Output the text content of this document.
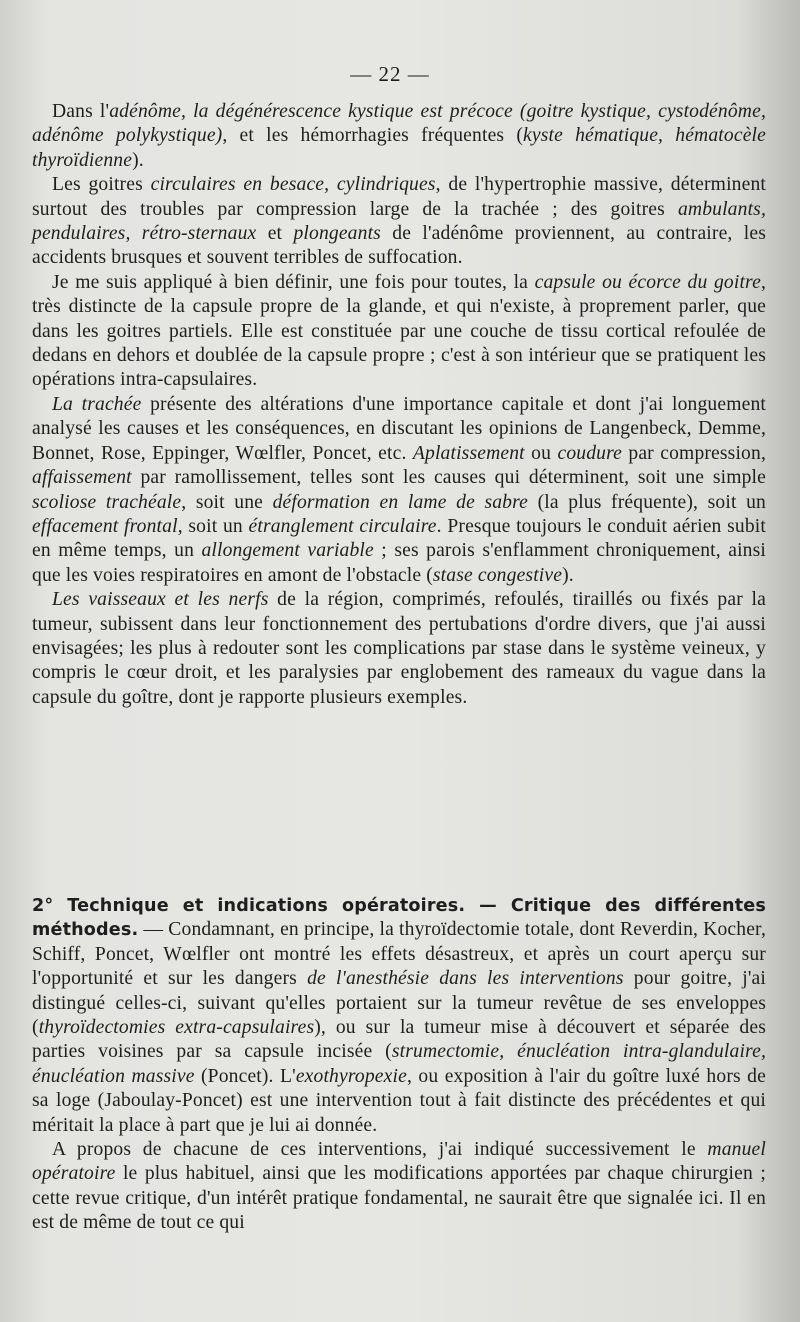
— 22 —

Dans l'adénôme, la dégénérescence kystique est précoce (goitre kystique, cystodénôme, adénôme polykystique), et les hémorrhagies fréquentes (kyste hématique, hématocèle thyroïdienne).

Les goitres circulaires en besace, cylindriques, de l'hypertrophie massive, déterminent surtout des troubles par compression large de la trachée ; des goitres ambulants, pendulaires, rétro-sternaux et plongeants de l'adénôme proviennent, au contraire, les accidents brusques et souvent terribles de suffocation.

Je me suis appliqué à bien définir, une fois pour toutes, la capsule ou écorce du goitre, très distincte de la capsule propre de la glande, et qui n'existe, à proprement parler, que dans les goitres partiels. Elle est constituée par une couche de tissu cortical refoulée de dedans en dehors et doublée de la capsule propre ; c'est à son intérieur que se pratiquent les opérations intra-capsulaires.

La trachée présente des altérations d'une importance capitale et dont j'ai longuement analysé les causes et les conséquences, en discutant les opinions de Langenbeck, Demme, Bonnet, Rose, Eppinger, Wœlfler, Poncet, etc. Aplatissement ou coudure par compression, affaissement par ramollissement, telles sont les causes qui déterminent, soit une simple scoliose trachéale, soit une déformation en lame de sabre (la plus fréquente), soit un effacement frontal, soit un étranglement circulaire. Presque toujours le conduit aérien subit en même temps, un allongement variable ; ses parois s'enflamment chroniquement, ainsi que les voies respiratoires en amont de l'obstacle (stase congestive).

Les vaisseaux et les nerfs de la région, comprimés, refoulés, tiraillés ou fixés par la tumeur, subissent dans leur fonctionnement des pertubations d'ordre divers, que j'ai aussi envisagées; les plus à redouter sont les complications par stase dans le système veineux, y compris le cœur droit, et les paralysies par englobement des rameaux du vague dans la capsule du goître, dont je rapporte plusieurs exemples.

2° Technique et indications opératoires. — Critique des différentes méthodes. — Condamnant, en principe, la thyroïdectomie totale, dont Reverdin, Kocher, Schiff, Poncet, Wœlfler ont montré les effets désastreux, et après un court aperçu sur l'opportunité et sur les dangers de l'anesthésie dans les interventions pour goitre, j'ai distingué celles-ci, suivant qu'elles portaient sur la tumeur revêtue de ses enveloppes (thyroïdectomies extra-capsulaires), ou sur la tumeur mise à découvert et séparée des parties voisines par sa capsule incisée (strumectomie, énucléation intra-glandulaire, énucléation massive (Poncet). L'exothyropexie, ou exposition à l'air du goître luxé hors de sa loge (Jaboulay-Poncet) est une intervention tout à fait distincte des précédentes et qui méritait la place à part que je lui ai donnée.

A propos de chacune de ces interventions, j'ai indiqué successivement le manuel opératoire le plus habituel, ainsi que les modifications apportées par chaque chirurgien ; cette revue critique, d'un intérêt pratique fondamental, ne saurait être que signalée ici. Il en est de même de tout ce qui
